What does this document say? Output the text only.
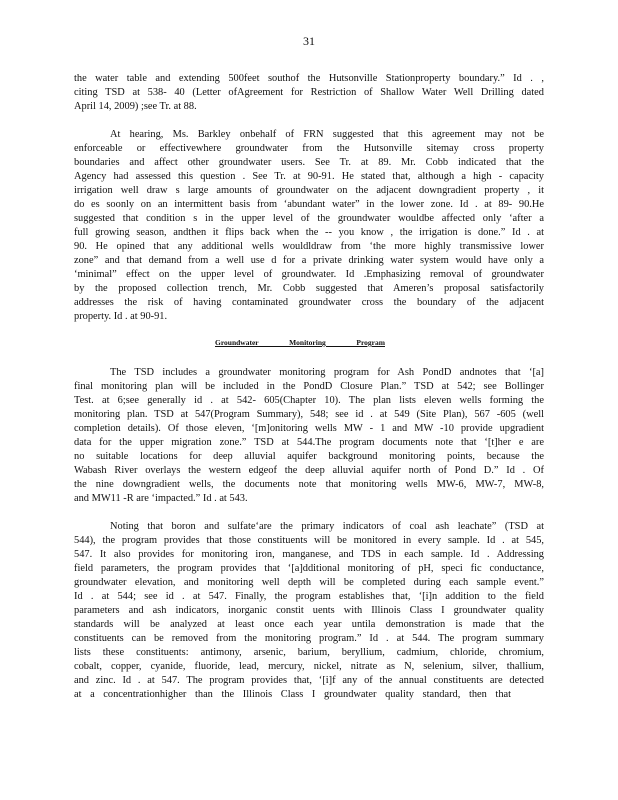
31
the water table and extending 500feet southof the Hutsonville Stationproperty boundary.” Id . ,
citing TSD at 538- 40 (Letter ofAgreement for Restriction of Shallow Water Well Drilling dated
April 14, 2009) ;see Tr. at 88.
At hearing, Ms. Barkley onbehalf of FRN suggested that this agreement may not be
enforceable or effectivewhere groundwater from the Hutsonville sitemay cross property
boundaries and affect other groundwater users. See Tr. at 89. Mr. Cobb indicated that the
Agency had assessed this question . See Tr. at 90-91. He stated that, although a high - capacity
irrigation well draw s large amounts of groundwater on the adjacent downgradient property , it
do es soonly on an intermittent basis from ‘abundant water” in the lower zone. Id . at 89- 90.He
suggested that condition s in the upper level of the groundwater wouldbe affected only ‘after a
full growing season, andthen it flips back when the -- you know , the irrigation is done.” Id . at
90. He opined that any additional wells wouldldraw from ‘the more highly transmissive lower
zone” and that demand from a well use d for a private drinking water system would have only a
‘minimal” effect on the upper level of groundwater. Id .Emphasizing removal of groundwater
by the proposed collection trench, Mr. Cobb suggested that Ameren’s proposal satisfactorily
addresses the risk of having contaminated groundwater cross the boundary of the adjacent
property. Id . at 90-91.
Groundwater Monitoring Program
The TSD includes a groundwater monitoring program for Ash PondD andnotes that ‘[a]
final monitoring plan will be included in the PondD Closure Plan.” TSD at 542; see Bollinger
Test. at 6;see generally id . at 542- 605(Chapter 10). The plan lists eleven wells forming the
monitoring plan. TSD at 547(Program Summary), 548; see id . at 549 (Site Plan), 567 -605 (well
completion details). Of those eleven, ‘[m]onitoring wells MW - 1 and MW -10 provide upgradient
data for the upper migration zone.” TSD at 544.The program documents note that ‘[t]her e are
no suitable locations for deep alluvial aquifer background monitoring points, because the
Wabash River overlays the western edgeof the deep alluvial aquifer north of Pond D.” Id . Of
the nine downgradient wells, the documents note that monitoring wells MW-6, MW-7, MW-8,
and MW11 -R are ‘impacted.” Id . at 543.
Noting that boron and sulfate‘are the primary indicators of coal ash leachate” (TSD at
544), the program provides that those constituents will be monitored in every sample. Id . at 545,
547. It also provides for monitoring iron, manganese, and TDS in each sample. Id . Addressing
field parameters, the program provides that ‘[a]dditional monitoring of pH, speci fic conductance,
groundwater elevation, and monitoring well depth will be completed during each sample event.”
Id . at 544; see id . at 547. Finally, the program establishes that, ‘[i]n addition to the field
parameters and ash indicators, inorganic constit uents with Illinois Class I groundwater quality
standards will be analyzed at least once each year untila demonstration is made that the
constituents can be removed from the monitoring program.” Id . at 544. The program summary
lists these constituents: antimony, arsenic, barium, beryllium, cadmium, chloride, chromium,
cobalt, copper, cyanide, fluoride, lead, mercury, nickel, nitrate as N, selenium, silver, thallium,
and zinc. Id . at 547. The program provides that, ‘[i]f any of the annual constituents are detected
at a concentrationhigher than the Illinois Class I groundwater quality standard, then that
